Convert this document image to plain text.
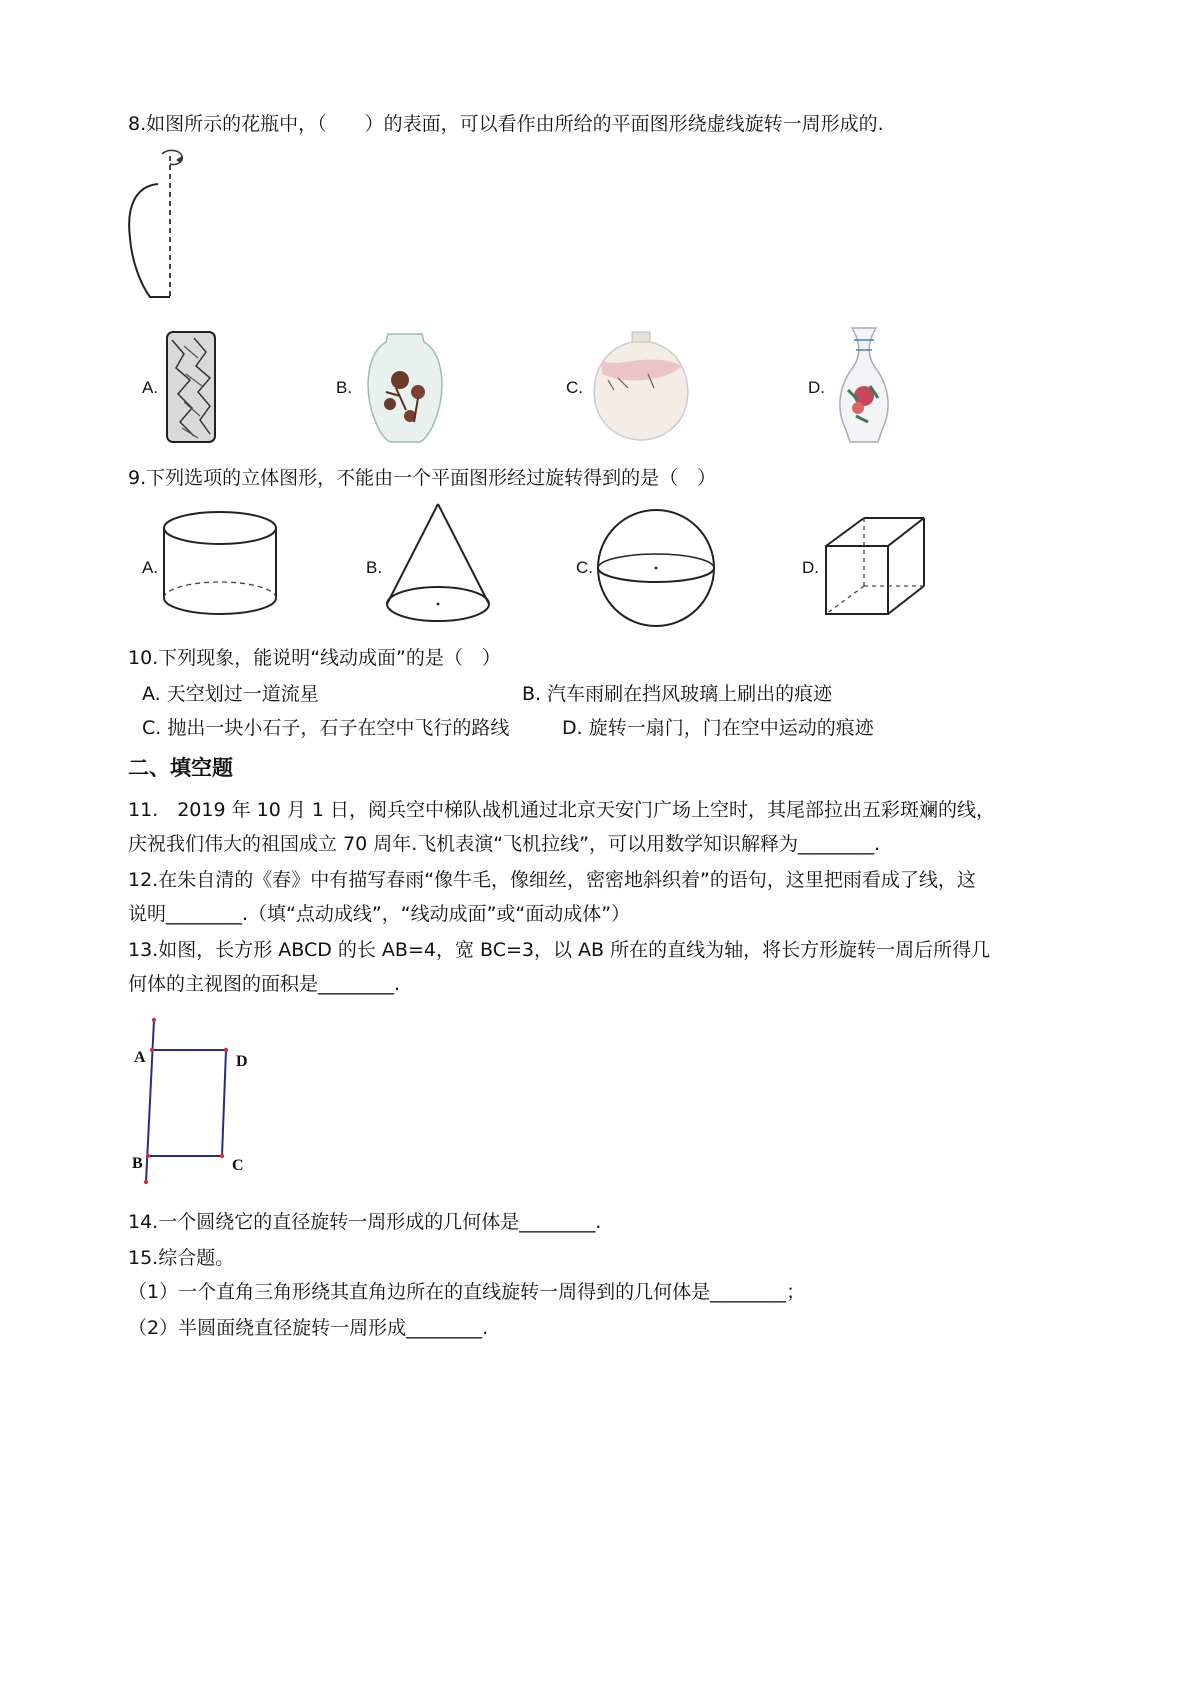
8.如图所示的花瓶中，（　　）的表面，可以看作由所给的平面图形绕虚线旋转一周形成的.
A.	B.	C.	D.
9.下列选项的立体图形，不能由一个平面图形经过旋转得到的是（　）
A.	B.	C.	D.
10.下列现象，能说明“线动成面”的是（　）
A. 天空划过一道流星	B. 汽车雨刷在挡风玻璃上刷出的痕迹
C. 抛出一块小石子，石子在空中飞行的路线	D. 旋转一扇门，门在空中运动的痕迹
二、填空题
11.　2019 年 10 月 1 日，阅兵空中梯队战机通过北京天安门广场上空时，其尾部拉出五彩斑斓的线，
庆祝我们伟大的祖国成立 70 周年.飞机表演“飞机拉线”，可以用数学知识解释为________.
12.在朱自清的《春》中有描写春雨“像牛毛，像细丝，密密地斜织着”的语句，这里把雨看成了线，这
说明________.（填“点动成线”，“线动成面”或“面动成体”）
13.如图，长方形 ABCD 的长 AB=4，宽 BC=3，以 AB 所在的直线为轴，将长方形旋转一周后所得几
何体的主视图的面积是________.
A	D
B	C
14.一个圆绕它的直径旋转一周形成的几何体是________.
15.综合题。
（1）一个直角三角形绕其直角边所在的直线旋转一周得到的几何体是________；
（2）半圆面绕直径旋转一周形成________.
